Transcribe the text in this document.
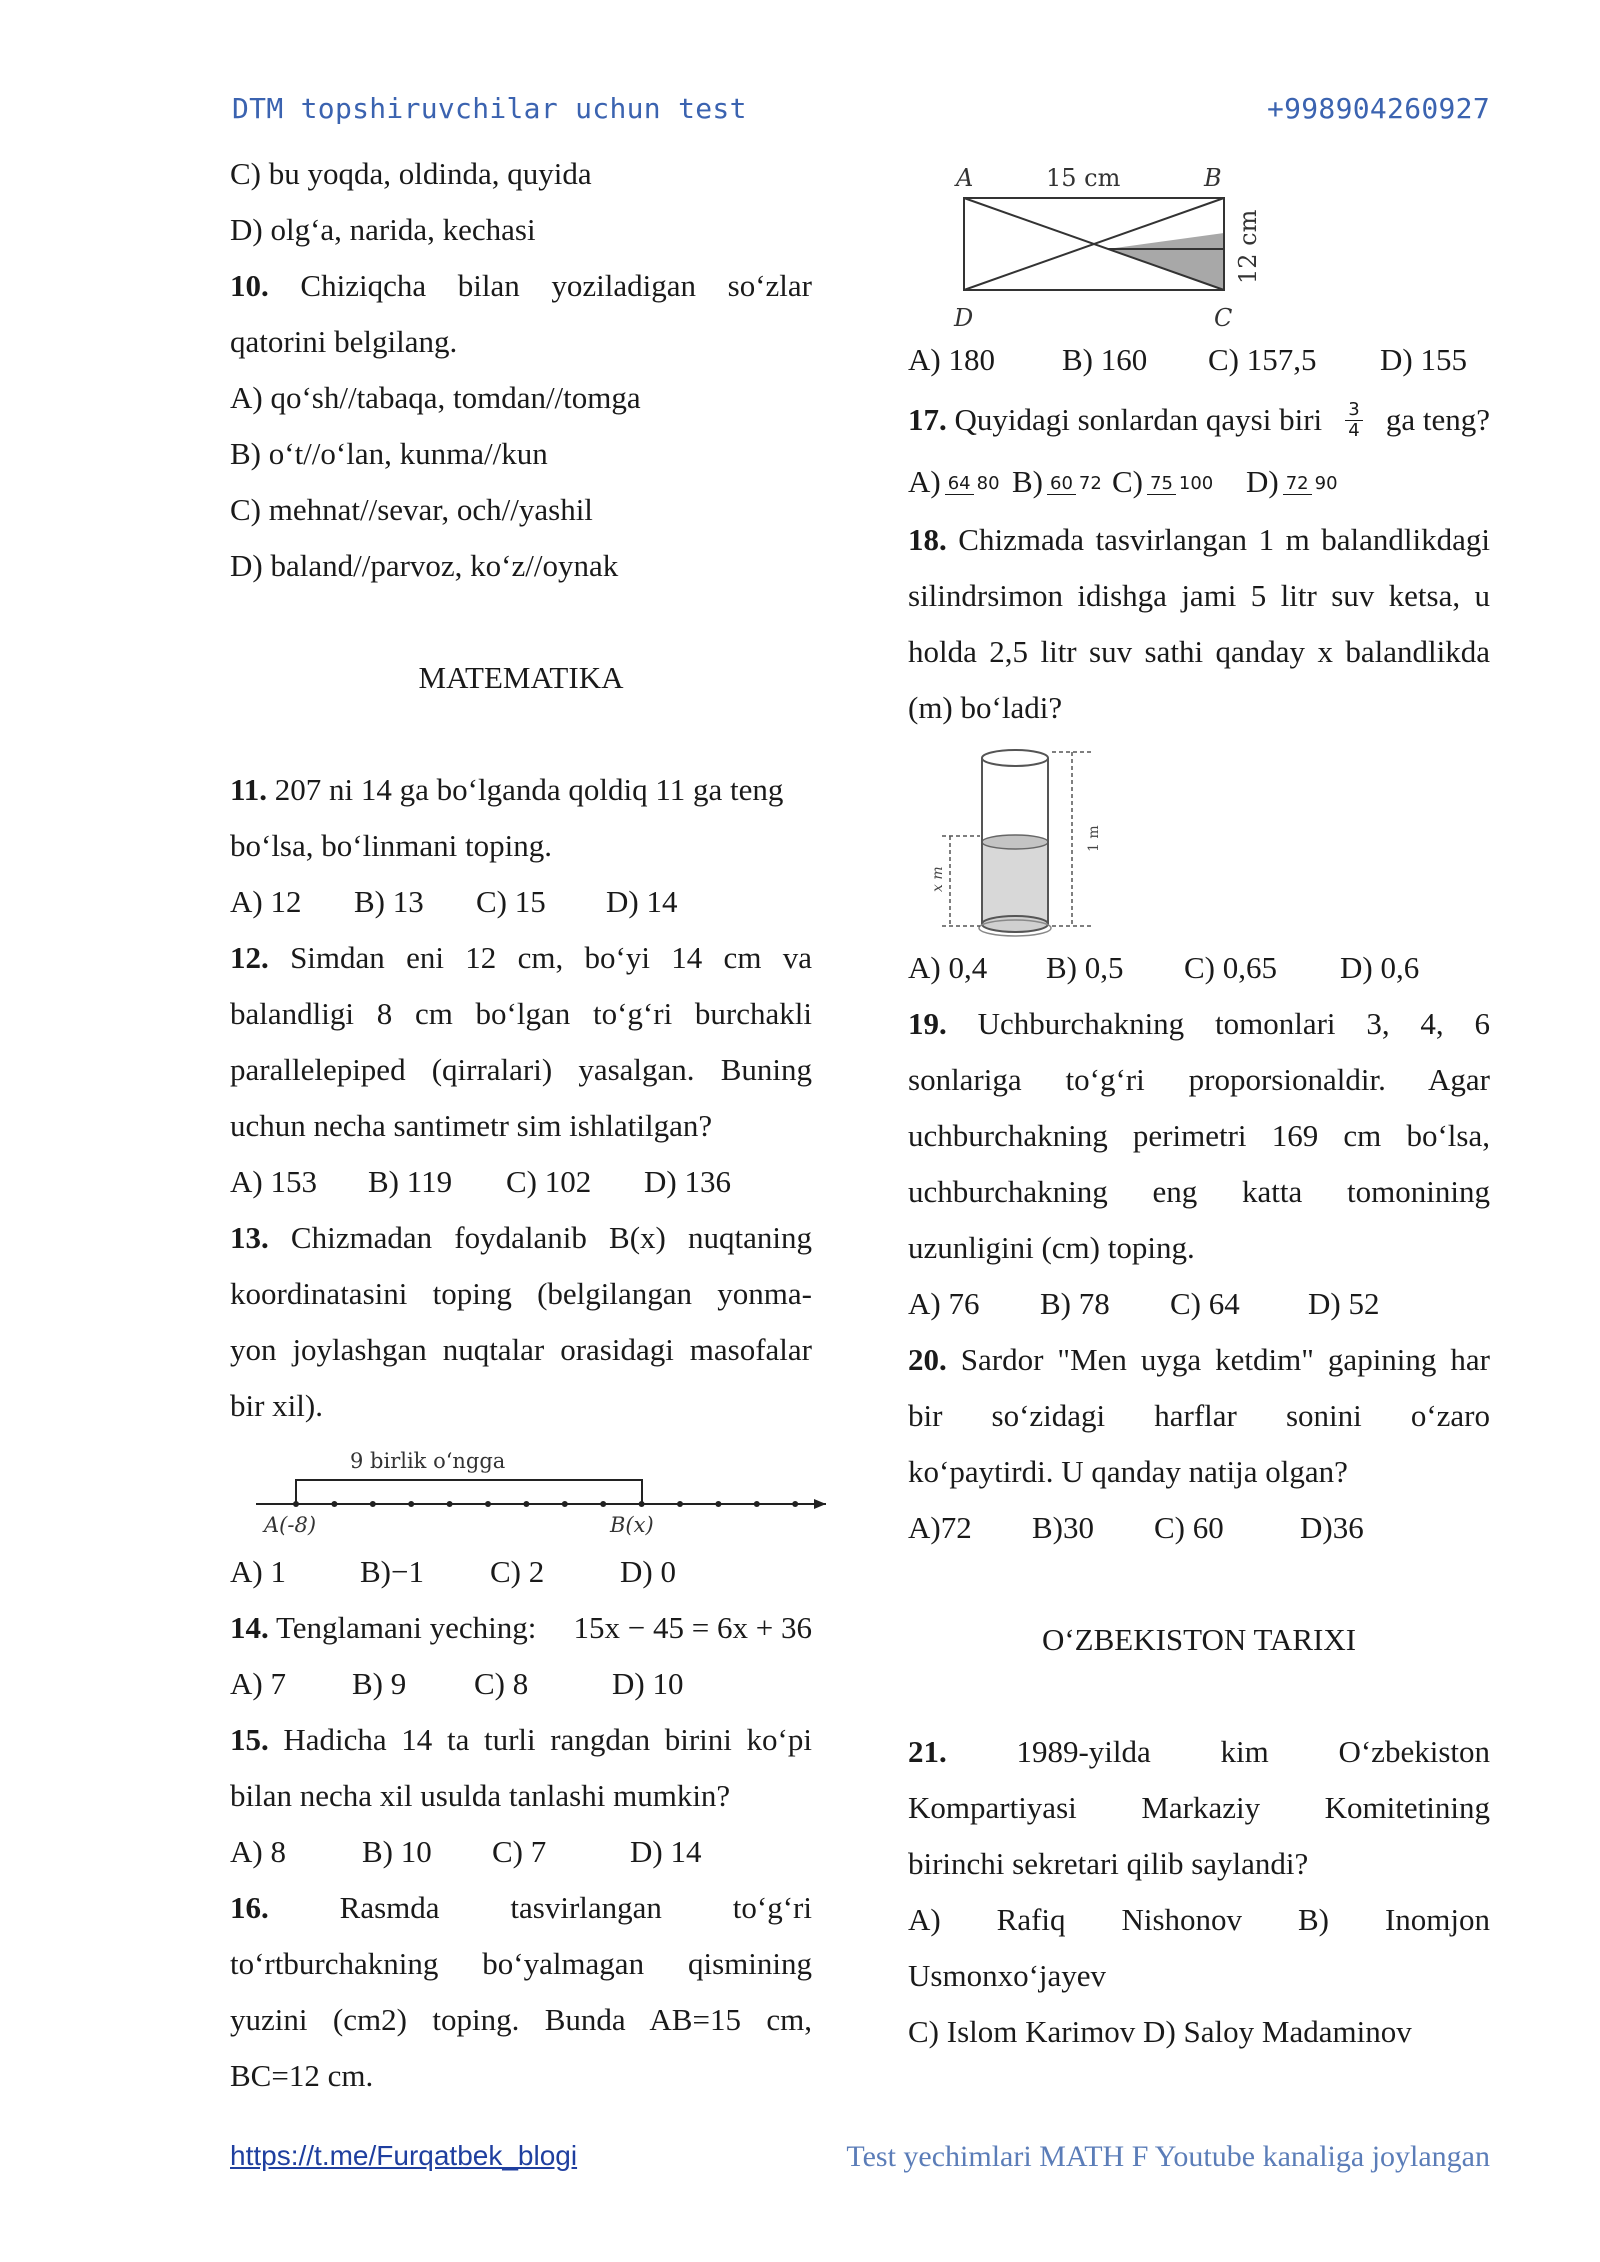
DTM topshiruvchilar uchun test	+998904260927
C) bu yoqda, oldinda, quyida
D) olg‘a, narida, kechasi
10. Chiziqcha bilan yoziladigan so‘zlar
qatorini belgilang.
A) qo‘sh//tabaqa, tomdan//tomga
B) o‘t//o‘lan, kunma//kun
C) mehnat//sevar, och//yashil
D) baland//parvoz, ko‘z//oynak
MATEMATIKA
11. 207 ni 14 ga bo‘lganda qoldiq 11 ga teng
bo‘lsa, bo‘linmani toping.
A) 12	B) 13	C) 15	D) 14
12. Simdan eni 12 cm, bo‘yi 14 cm va
balandligi 8 cm bo‘lgan to‘g‘ri burchakli
parallelepiped (qirralari) yasalgan. Buning
uchun necha santimetr sim ishlatilgan?
A) 153	B) 119	C) 102	D) 136
13. Chizmadan foydalanib B(x) nuqtaning
koordinatasini toping (belgilangan yonma-
yon joylashgan nuqtalar orasidagi masofalar
bir xil).
9 birlik o‘ngga
A(-8)	B(x)
A) 1	B)−1	C) 2	D) 0
14. Tenglamani yeching: 15x − 45 = 6x + 36
A) 7	B) 9	C) 8	D) 10
15. Hadicha 14 ta turli rangdan birini ko‘pi
bilan necha xil usulda tanlashi mumkin?
A) 8	B) 10	C) 7	D) 14
16. Rasmda tasvirlangan to‘g‘ri
to‘rtburchakning bo‘yalmagan qismining
yuzini (cm2) toping. Bunda AB=15 cm,
BC=12 cm.
A	15 cm	B
12 cm
D	C
A) 180	B) 160	C) 157,5	D) 155
17. Quyidagi sonlardan qaysi biri $\frac{3}{4}$ ga teng?
A) 64 80 B) 60 72 C) 75 100	D) 72 90
18. Chizmada tasvirlangan 1 m balandlikdagi
silindrsimon idishga jami 5 litr suv ketsa, u
holda 2,5 litr suv sathi qanday x balandlikda
(m) bo‘ladi?
x m
1 m
A) 0,4	B) 0,5	C) 0,65	D) 0,6
19. Uchburchakning tomonlari 3, 4, 6
sonlariga to‘g‘ri proporsionaldir. Agar
uchburchakning perimetri 169 cm bo‘lsa,
uchburchakning eng katta tomonining
uzunligini (cm) toping.
A) 76	B) 78	C) 64	D) 52
20. Sardor "Men uyga ketdim" gapining har
bir so‘zidagi harflar sonini o‘zaro
ko‘paytirdi. U qanday natija olgan?
A)72	B)30	C) 60	D)36
O‘ZBEKISTON TARIXI
21. 1989-yilda kim O‘zbekiston
Kompartiyasi Markaziy Komitetining
birinchi sekretari qilib saylandi?
A) Rafiq Nishonov B) Inomjon
Usmonxo‘jayev
C) Islom Karimov D) Saloy Madaminov
https://t.me/Furqatbek_blogi	Test yechimlari MATH F Youtube kanaliga joylangan
